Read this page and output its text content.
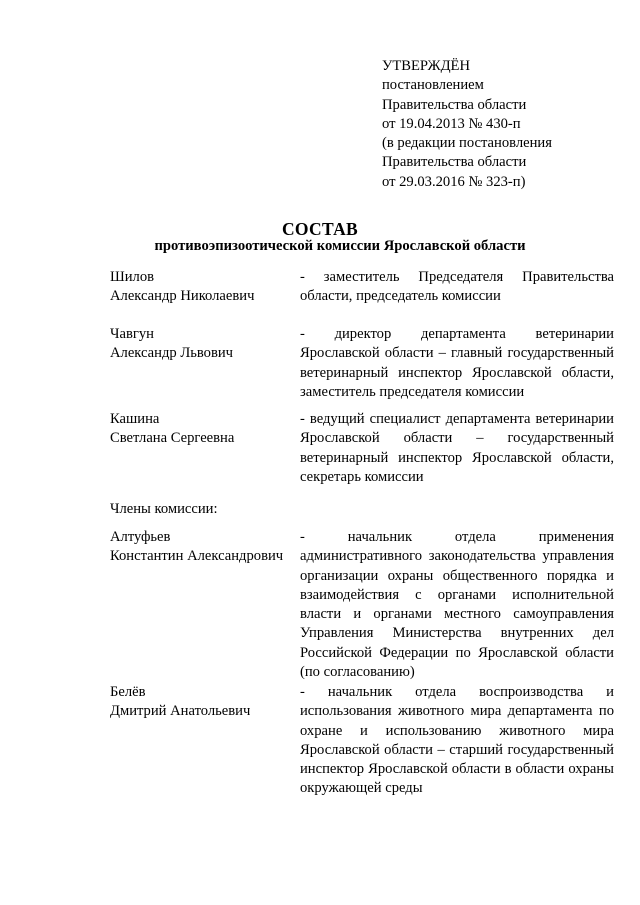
УТВЕРЖДЁН
постановлением
Правительства области
от 19.04.2013 № 430-п
(в редакции постановления
Правительства области
от 29.03.2016 № 323-п)
СОСТАВ
противоэпизоотической комиссии Ярославской области
Шилов
Александр Николаевич
- заместитель Председателя Правительства области, председатель комиссии
Чавгун
Александр Львович
- директор департамента ветеринарии Ярославской области – главный государственный ветеринарный инспектор Ярославской области, заместитель председателя комиссии
Кашина
Светлана Сергеевна
- ведущий специалист департамента ветеринарии Ярославской области – государственный ветеринарный инспектор Ярославской области, секретарь комиссии
Члены комиссии:
Алтуфьев
Константин Александрович
- начальник отдела применения административного законодательства управления организации охраны общественного порядка и взаимодействия с органами исполнительной власти и органами местного самоуправления Управления Министерства внутренних дел Российской Федерации по Ярославской области (по согласованию)
Белёв
Дмитрий Анатольевич
- начальник отдела воспроизводства и использования животного мира департамента по охране и использованию животного мира Ярославской области – старший государственный инспектор Ярославской области в области охраны окружающей среды
